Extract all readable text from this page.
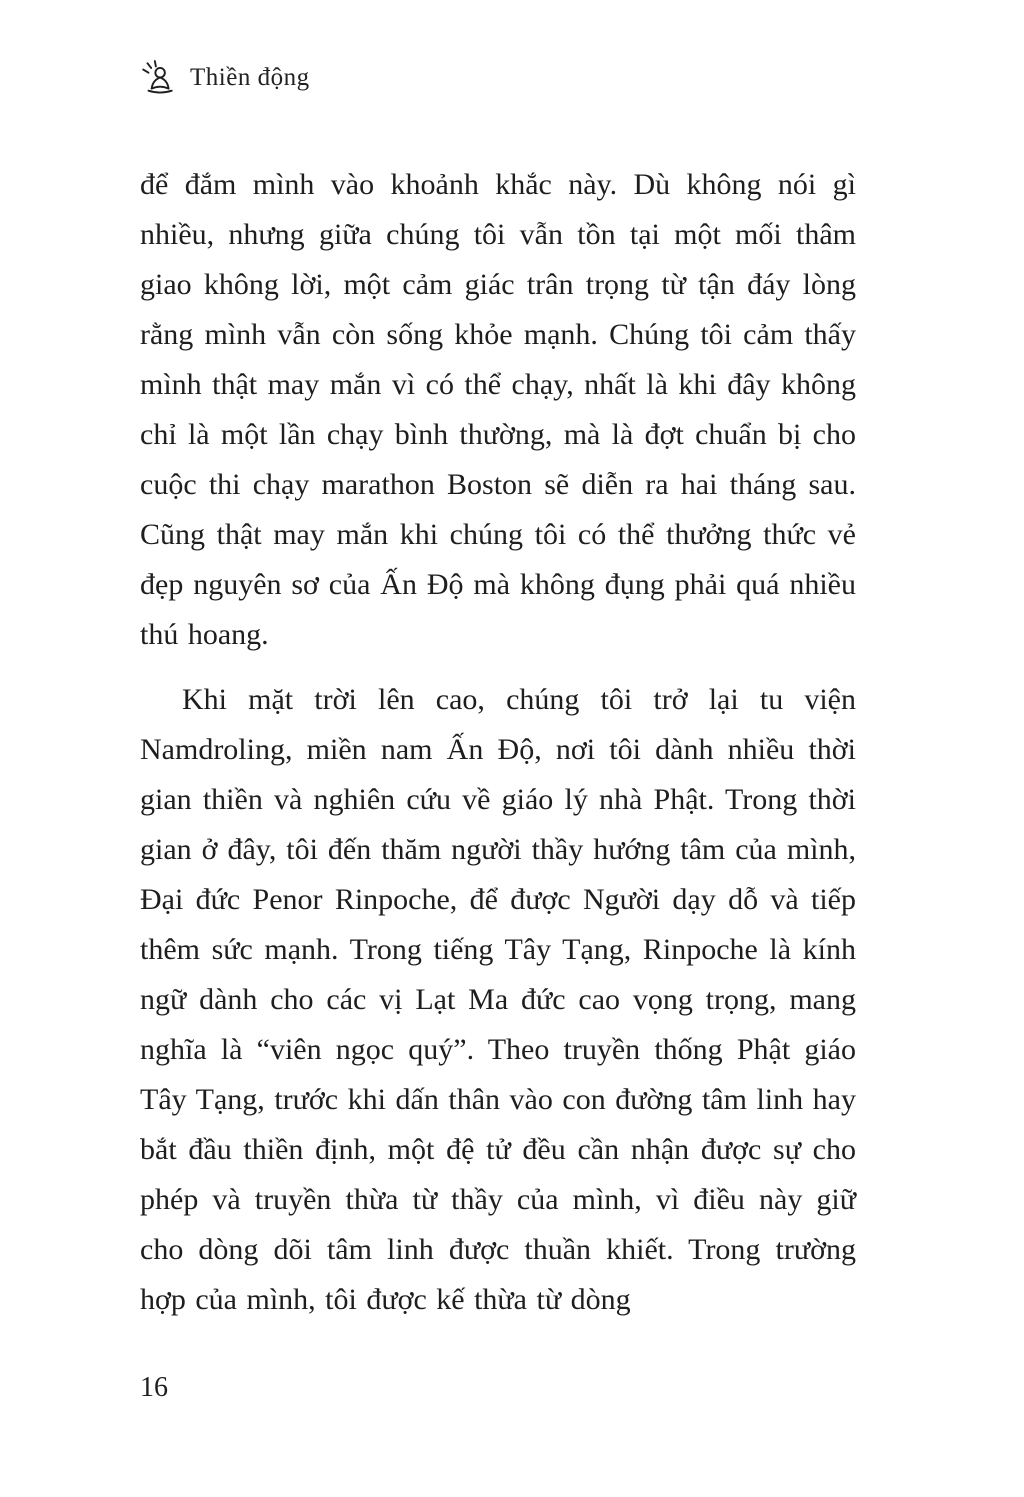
Thiền động

để đắm mình vào khoảnh khắc này. Dù không nói gì nhiều, nhưng giữa chúng tôi vẫn tồn tại một mối thâm giao không lời, một cảm giác trân trọng từ tận đáy lòng rằng mình vẫn còn sống khỏe mạnh. Chúng tôi cảm thấy mình thật may mắn vì có thể chạy, nhất là khi đây không chỉ là một lần chạy bình thường, mà là đợt chuẩn bị cho cuộc thi chạy marathon Boston sẽ diễn ra hai tháng sau. Cũng thật may mắn khi chúng tôi có thể thưởng thức vẻ đẹp nguyên sơ của Ấn Độ mà không đụng phải quá nhiều thú hoang.

Khi mặt trời lên cao, chúng tôi trở lại tu viện Namdroling, miền nam Ấn Độ, nơi tôi dành nhiều thời gian thiền và nghiên cứu về giáo lý nhà Phật. Trong thời gian ở đây, tôi đến thăm người thầy hướng tâm của mình, Đại đức Penor Rinpoche, để được Người dạy dỗ và tiếp thêm sức mạnh. Trong tiếng Tây Tạng, Rinpoche là kính ngữ dành cho các vị Lạt Ma đức cao vọng trọng, mang nghĩa là “viên ngọc quý”. Theo truyền thống Phật giáo Tây Tạng, trước khi dấn thân vào con đường tâm linh hay bắt đầu thiền định, một đệ tử đều cần nhận được sự cho phép và truyền thừa từ thầy của mình, vì điều này giữ cho dòng dõi tâm linh được thuần khiết. Trong trường hợp của mình, tôi được kế thừa từ dòng

16
